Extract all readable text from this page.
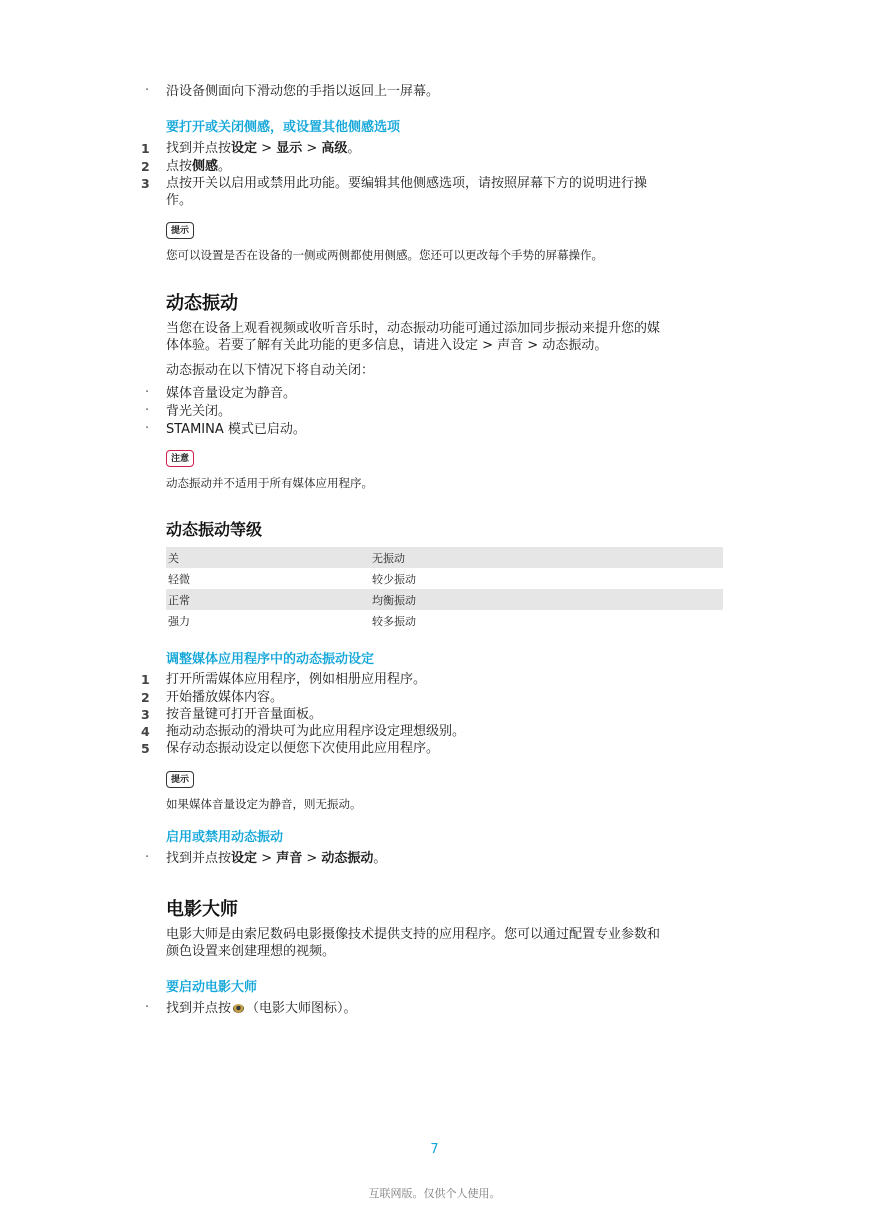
· 沿设备侧面向下滑动您的手指以返回上一屏幕。
要打开或关闭侧感，或设置其他侧感选项
1 找到并点按设定 > 显示 > 高级。
2 点按侧感。
3 点按开关以启用或禁用此功能。要编辑其他侧感选项，请按照屏幕下方的说明进行操
作。
提示
您可以设置是否在设备的一侧或两侧都使用侧感。您还可以更改每个手势的屏幕操作。
动态振动
当您在设备上观看视频或收听音乐时，动态振动功能可通过添加同步振动来提升您的媒
体体验。若要了解有关此功能的更多信息，请进入设定 > 声音 > 动态振动。
动态振动在以下情况下将自动关闭：
· 媒体音量设定为静音。
· 背光关闭。
· STAMINA 模式已启动。
注意
动态振动并不适用于所有媒体应用程序。
动态振动等级
关	无振动
轻微	较少振动
正常	均衡振动
强力	较多振动
调整媒体应用程序中的动态振动设定
1 打开所需媒体应用程序，例如相册应用程序。
2 开始播放媒体内容。
3 按音量键可打开音量面板。
4 拖动动态振动的滑块可为此应用程序设定理想级别。
5 保存动态振动设定以便您下次使用此应用程序。
提示
如果媒体音量设定为静音，则无振动。
启用或禁用动态振动
· 找到并点按设定 > 声音 > 动态振动。
电影大师
电影大师是由索尼数码电影摄像技术提供支持的应用程序。您可以通过配置专业参数和
颜色设置来创建理想的视频。
要启动电影大师
· 找到并点按 （电影大师图标）。
7
互联网版。仅供个人使用。
